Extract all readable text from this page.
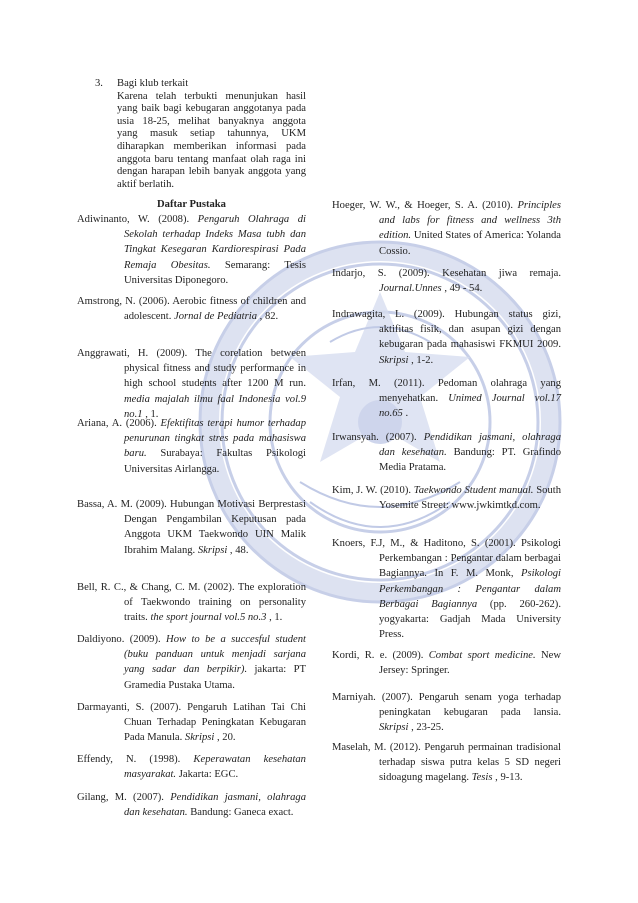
3. Bagi klub terkait
Karena telah terbukti menunjukan hasil yang baik bagi kebugaran anggotanya pada usia 18-25, melihat banyaknya anggota yang masuk setiap tahunnya, UKM diharapkan memberikan informasi pada anggota baru tentang manfaat olah raga ini dengan harapan lebih banyak anggota yang aktif berlatih.
Daftar Pustaka
Adiwinanto, W. (2008). Pengaruh Olahraga di Sekolah terhadap Indeks Masa tubh dan Tingkat Kesegaran Kardiorespirasi Pada Remaja Obesitas. Semarang: Tesis Universitas Diponegoro.
Amstrong, N. (2006). Aerobic fitness of children and adolescent. Jornal de Pediatria , 82.
Anggrawati, H. (2009). The corelation between physical fitness and study performance in high school students after 1200 M run. media majalah ilmu faal Indonesia vol.9 no.1 , 1.
Ariana, A. (2006). Efektifitas terapi humor terhadap penurunan tingkat stres pada mahasiswa baru. Surabaya: Fakultas Psikologi Universitas Airlangga.
Bassa, A. M. (2009). Hubungan Motivasi Berprestasi Dengan Pengambilan Keputusan pada Anggota UKM Taekwondo UIN Malik Ibrahim Malang. Skripsi , 48.
Bell, R. C., & Chang, C. M. (2002). The exploration of Taekwondo training on personality traits. the sport journal vol.5 no.3 , 1.
Daldiyono. (2009). How to be a succesful student (buku panduan untuk menjadi sarjana yang sadar dan berpikir). jakarta: PT Gramedia Pustaka Utama.
Darmayanti, S. (2007). Pengaruh Latihan Tai Chi Chuan Terhadap Peningkatan Kebugaran Pada Manula. Skripsi , 20.
Effendy, N. (1998). Keperawatan kesehatan masyarakat. Jakarta: EGC.
Gilang, M. (2007). Pendidikan jasmani, olahraga dan kesehatan. Bandung: Ganeca exact.
Hoeger, W. W., & Hoeger, S. A. (2010). Principles and labs for fitness and wellness 3th edition. United States of America: Yolanda Cossio.
Indarjo, S. (2009). Kesehatan jiwa remaja. Journal.Unnes , 49 - 54.
Indrawagita, L. (2009). Hubungan status gizi, aktifitas fisik, dan asupan gizi dengan kebugaran pada mahasiswi FKMUI 2009. Skripsi , 1-2.
Irfan, M. (2011). Pedoman olahraga yang menyehatkan. Unimed Journal vol.17 no.65 .
Irwansyah. (2007). Pendidikan jasmani, olahraga dan kesehatan. Bandung: PT. Grafindo Media Pratama.
Kim, J. W. (2010). Taekwondo Student manual. South Yosemite Street: www.jwkimtkd.com.
Knoers, F.J, M., & Haditono, S. (2001). Psikologi Perkembangan : Pengantar dalam berbagai Bagiannya. In F. M. Monk, Psikologi Perkembangan : Pengantar dalam Berbagai Bagiannya (pp. 260-262). yogyakarta: Gadjah Mada University Press.
Kordi, R. e. (2009). Combat sport medicine. New Jersey: Springer.
Marniyah. (2007). Pengaruh senam yoga terhadap peningkatan kebugaran pada lansia. Skripsi , 23-25.
Maselah, M. (2012). Pengaruh permainan tradisional terhadap siswa putra kelas 5 SD negeri sidoagung magelang. Tesis , 9-13.
